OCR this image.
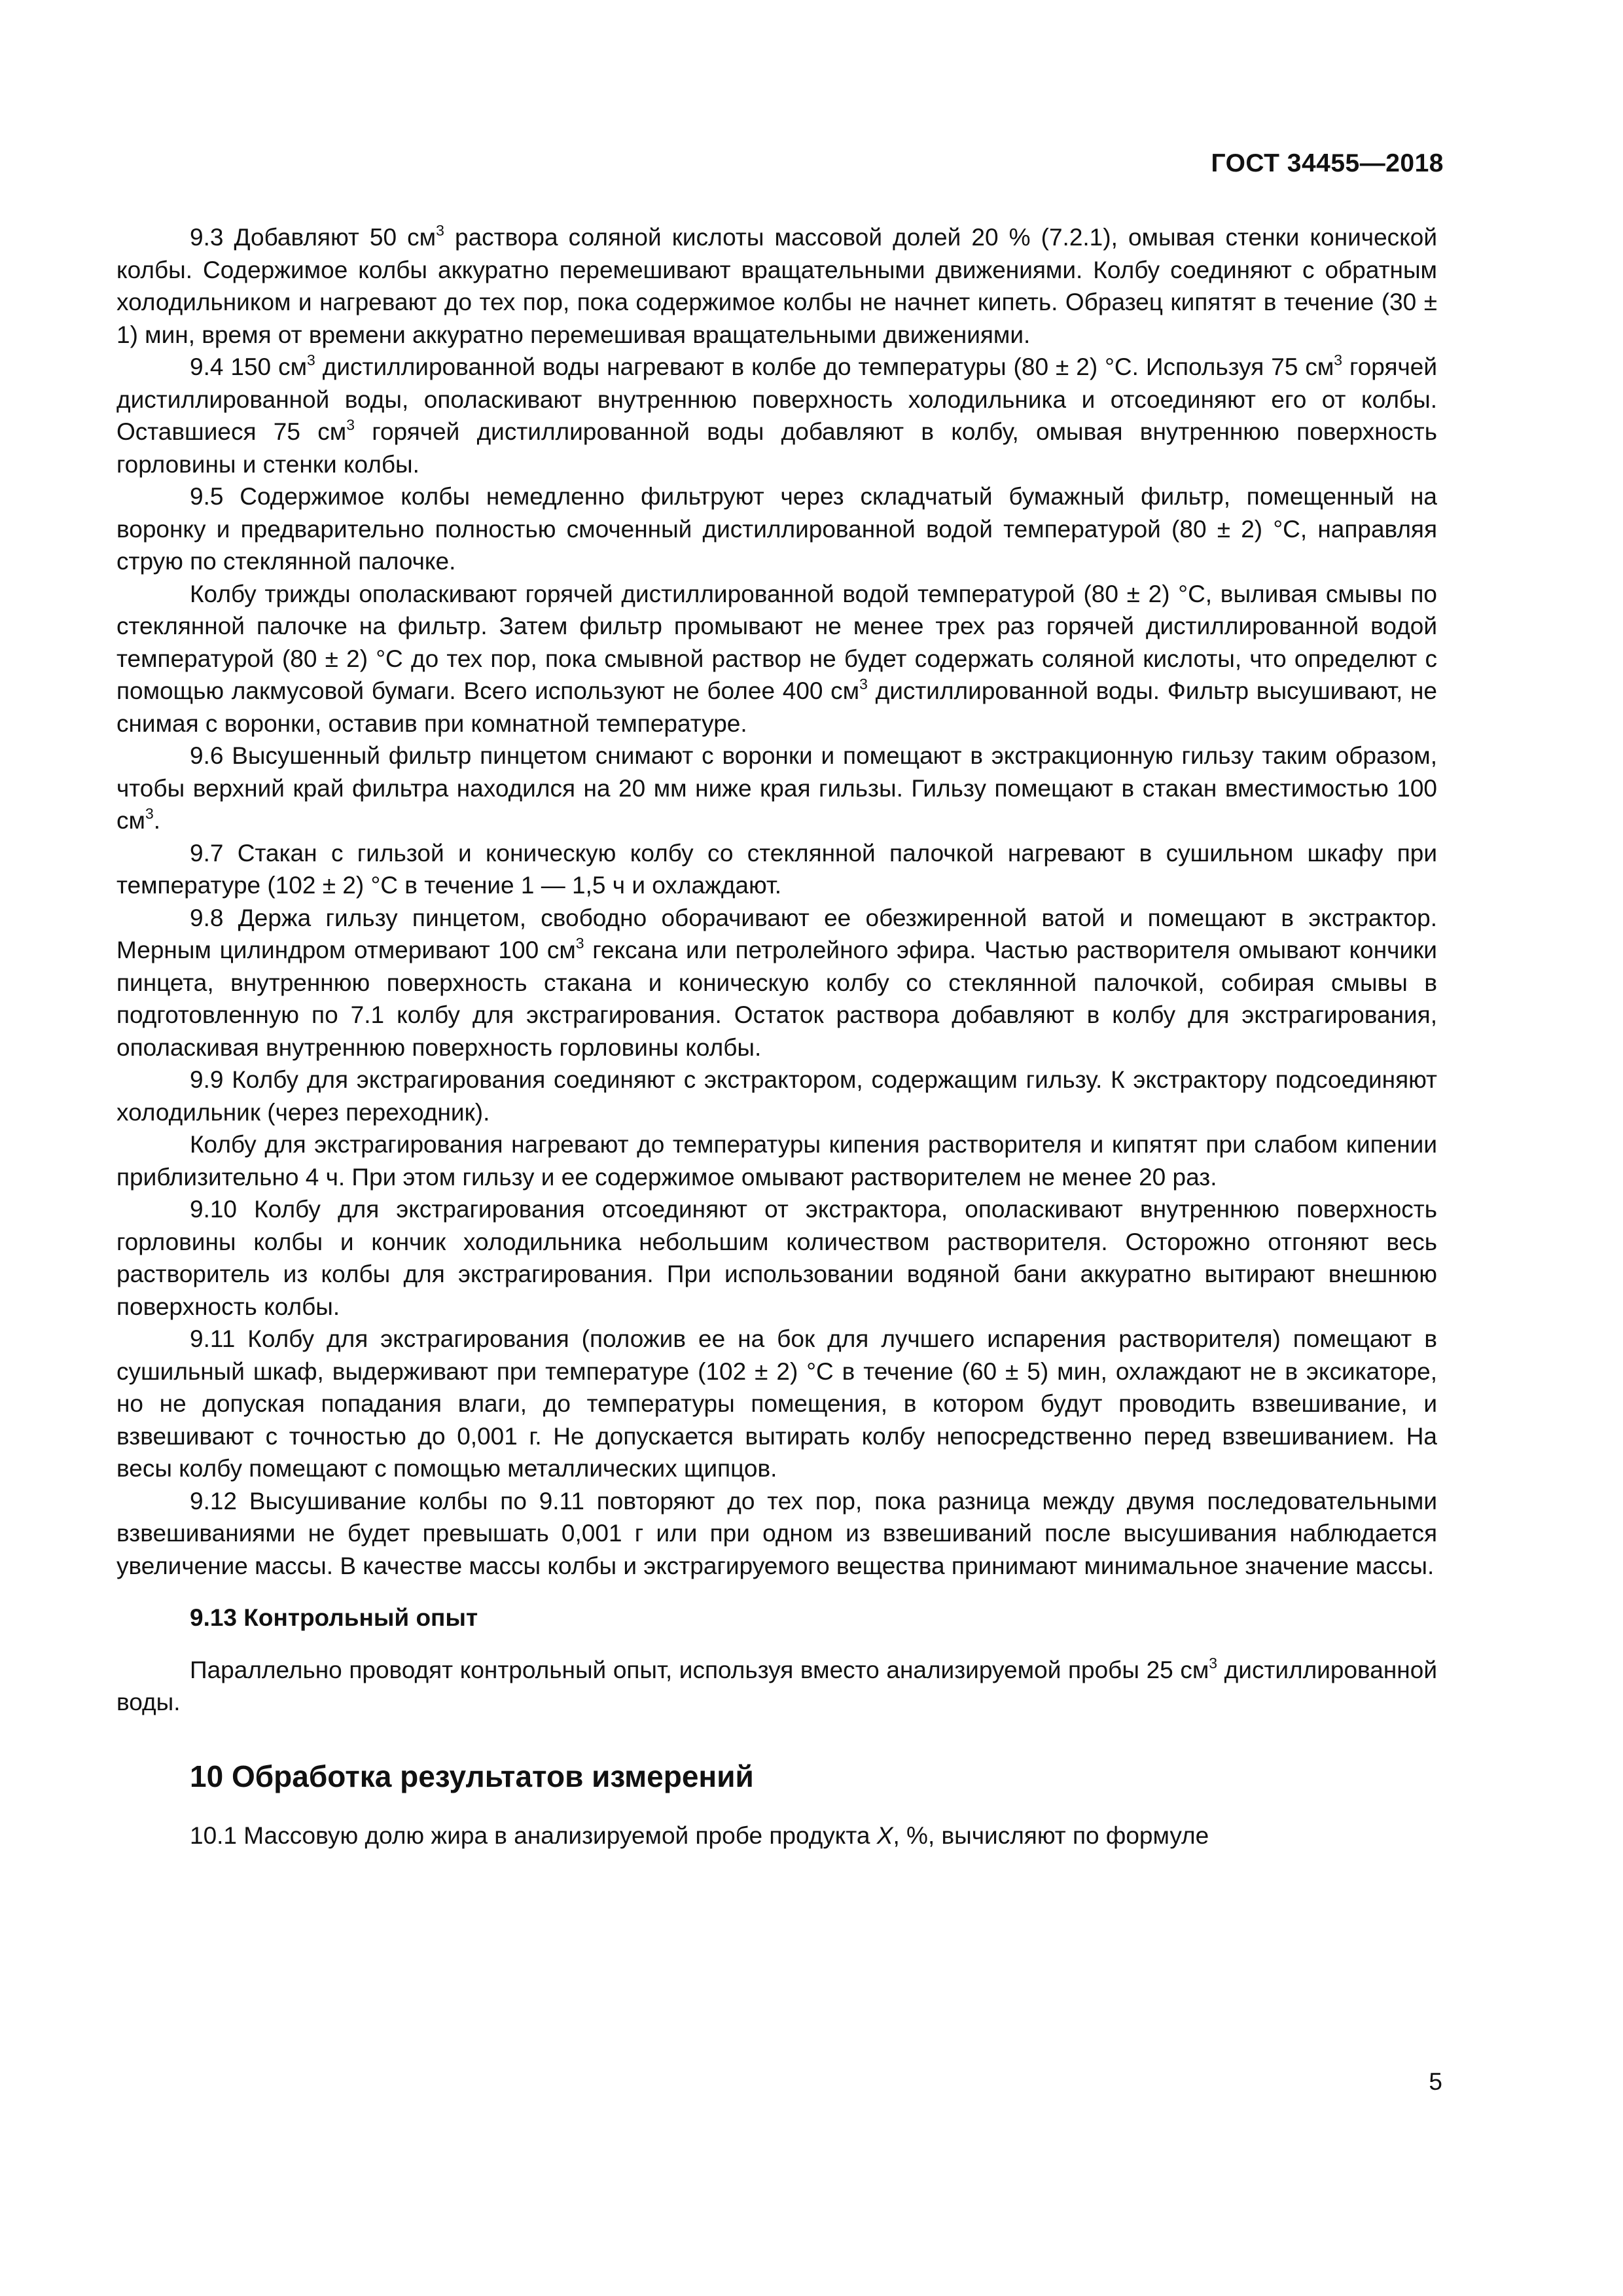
ГОСТ 34455—2018

9.3 Добавляют 50 $см^3$ раствора соляной кислоты массовой долей 20 % (7.2.1), омывая стенки конической колбы. Содержимое колбы аккуратно перемешивают вращательными движениями. Колбу соединяют с обратным холодильником и нагревают до тех пор, пока содержимое колбы не начнет кипеть. Образец кипятят в течение (30 ± 1) мин, время от времени аккуратно перемешивая вращательными движениями.

9.4 150 $см^3$ дистиллированной воды нагревают в колбе до температуры (80 ± 2) °С. Используя 75 $см^3$ горячей дистиллированной воды, ополаскивают внутреннюю поверхность холодильника и отсоединяют его от колбы. Оставшиеся 75 $см^3$ горячей дистиллированной воды добавляют в колбу, омывая внутреннюю поверхность горловины и стенки колбы.

9.5 Содержимое колбы немедленно фильтруют через складчатый бумажный фильтр, помещенный на воронку и предварительно полностью смоченный дистиллированной водой температурой (80 ± 2) °С, направляя струю по стеклянной палочке.

Колбу трижды ополаскивают горячей дистиллированной водой температурой (80 ± 2) °С, выливая смывы по стеклянной палочке на фильтр. Затем фильтр промывают не менее трех раз горячей дистиллированной водой температурой (80 ± 2) °С до тех пор, пока смывной раствор не будет содержать соляной кислоты, что определют с помощью лакмусовой бумаги. Всего используют не более 400 $см^3$ дистиллированной воды. Фильтр высушивают, не снимая с воронки, оставив при комнатной температуре.

9.6 Высушенный фильтр пинцетом снимают с воронки и помещают в экстракционную гильзу таким образом, чтобы верхний край фильтра находился на 20 мм ниже края гильзы. Гильзу помещают в стакан вместимостью 100 $см^3$.

9.7 Стакан с гильзой и коническую колбу со стеклянной палочкой нагревают в сушильном шкафу при температуре (102 ± 2) °С в течение 1 — 1,5 ч и охлаждают.

9.8 Держа гильзу пинцетом, свободно оборачивают ее обезжиренной ватой и помещают в экстрактор. Мерным цилиндром отмеривают 100 $см^3$ гексана или петролейного эфира. Частью растворителя омывают кончики пинцета, внутреннюю поверхность стакана и коническую колбу со стеклянной палочкой, собирая смывы в подготовленную по 7.1 колбу для экстрагирования. Остаток раствора добавляют в колбу для экстрагирования, ополаскивая внутреннюю поверхность горловины колбы.

9.9 Колбу для экстрагирования соединяют с экстрактором, содержащим гильзу. К экстрактору подсоединяют холодильник (через переходник).

Колбу для экстрагирования нагревают до температуры кипения растворителя и кипятят при слабом кипении приблизительно 4 ч. При этом гильзу и ее содержимое омывают растворителем не менее 20 раз.

9.10 Колбу для экстрагирования отсоединяют от экстрактора, ополаскивают внутреннюю поверхность горловины колбы и кончик холодильника небольшим количеством растворителя. Осторожно отгоняют весь растворитель из колбы для экстрагирования. При использовании водяной бани аккуратно вытирают внешнюю поверхность колбы.

9.11 Колбу для экстрагирования (положив ее на бок для лучшего испарения растворителя) помещают в сушильный шкаф, выдерживают при температуре (102 ± 2) °С в течение (60 ± 5) мин, охлаждают не в эксикаторе, но не допуская попадания влаги, до температуры помещения, в котором будут проводить взвешивание, и взвешивают с точностью до 0,001 г. Не допускается вытирать колбу непосредственно перед взвешиванием. На весы колбу помещают с помощью металлических щипцов.

9.12 Высушивание колбы по 9.11 повторяют до тех пор, пока разница между двумя последовательными взвешиваниями не будет превышать 0,001 г или при одном из взвешиваний после высушивания наблюдается увеличение массы. В качестве массы колбы и экстрагируемого вещества принимают минимальное значение массы.

9.13 Контрольный опыт

Параллельно проводят контрольный опыт, используя вместо анализируемой пробы 25 $см^3$ дистиллированной воды.

10 Обработка результатов измерений

10.1 Массовую долю жира в анализируемой пробе продукта X, %, вычисляют по формуле

5
